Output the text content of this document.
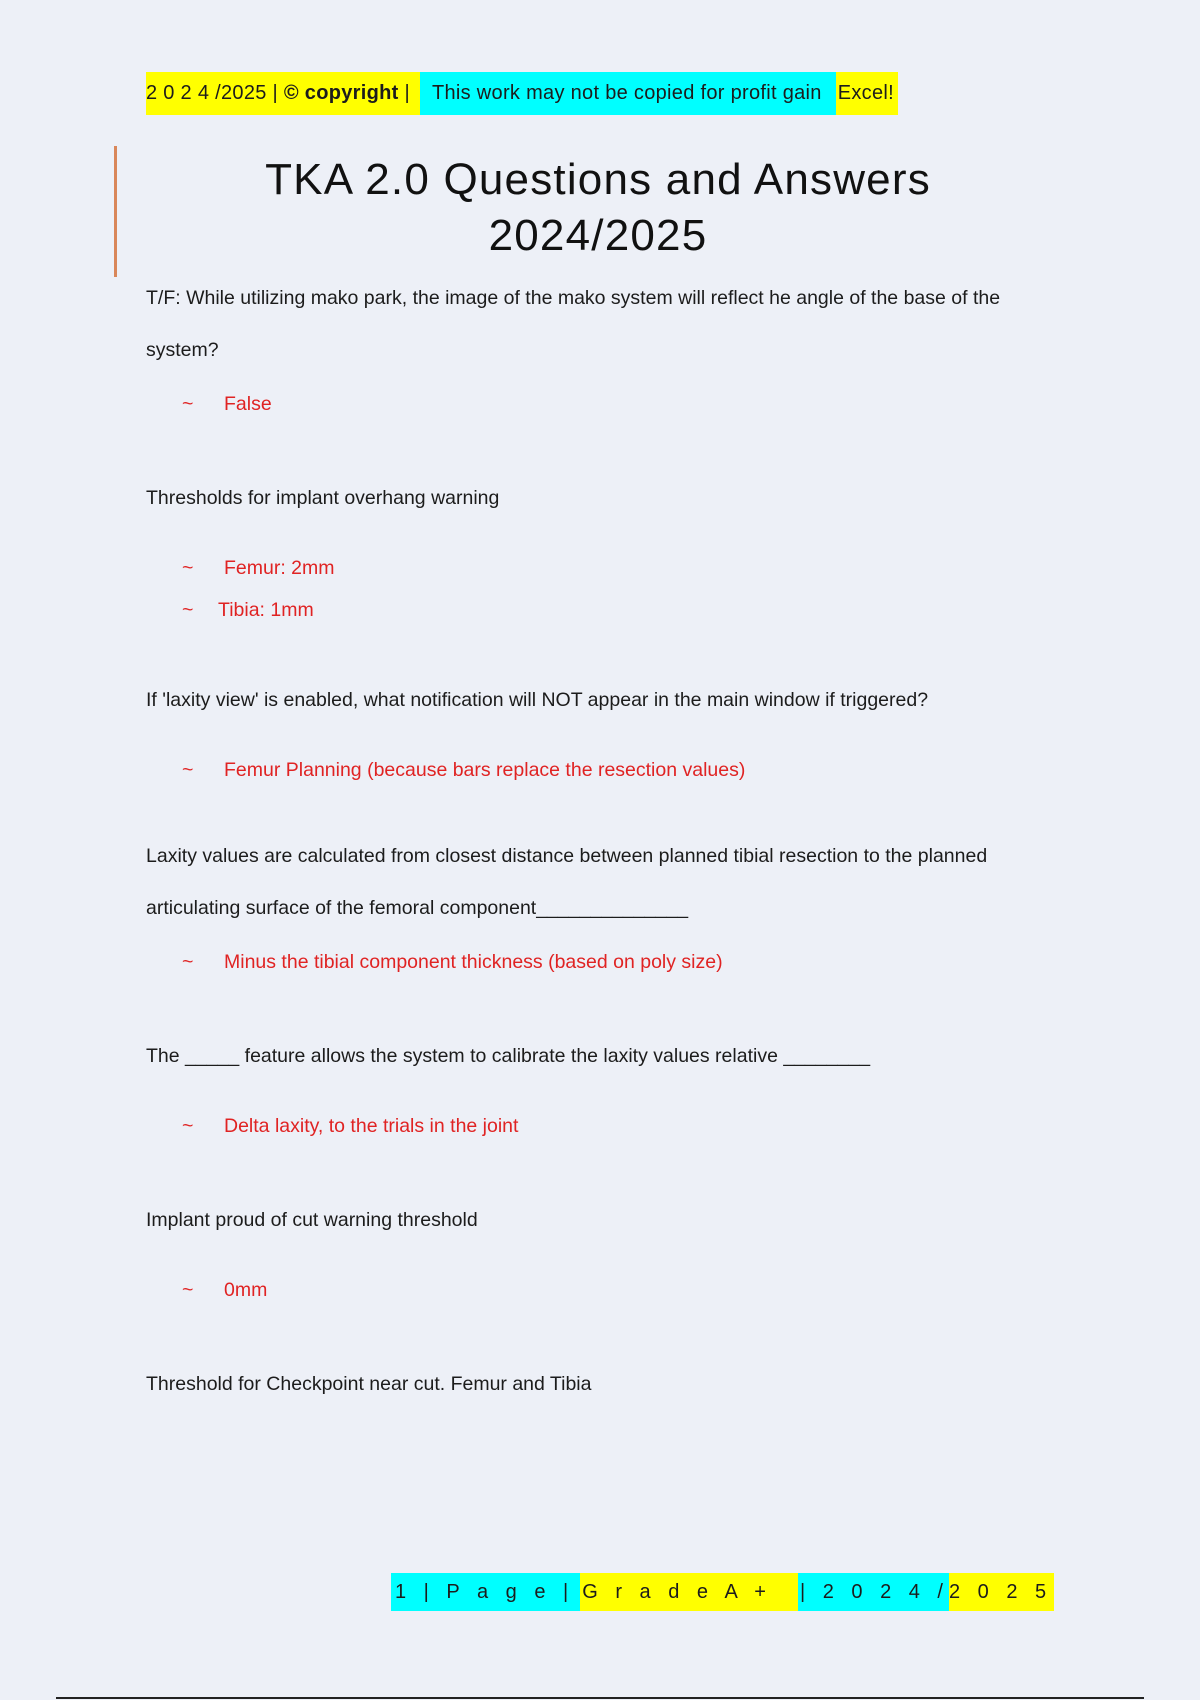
2 0 2 4 /2025 | © copyright |	This work may not be copied for profit gain Excel!
TKA 2.0 Questions and Answers
2024/2025

T/F: While utilizing mako park, the image of the mako system will reflect he angle of the base of the system?

~ False

Thresholds for implant overhang warning

~ Femur: 2mm
~ Tibia: 1mm

If 'laxity view' is enabled, what notification will NOT appear in the main window if triggered?

~ Femur Planning (because bars replace the resection values)

Laxity values are calculated from closest distance between planned tibial resection to the planned articulating surface of the femoral component______________

~ Minus the tibial component thickness (based on poly size)

The _____ feature allows the system to calibrate the laxity values relative ________

~ Delta laxity, to the trials in the joint

Implant proud of cut warning threshold

~ 0mm

Threshold for Checkpoint near cut. Femur and Tibia

1 | P a g e | G r a d e A +	| 2 0 2 4 / 2 0 2 5
